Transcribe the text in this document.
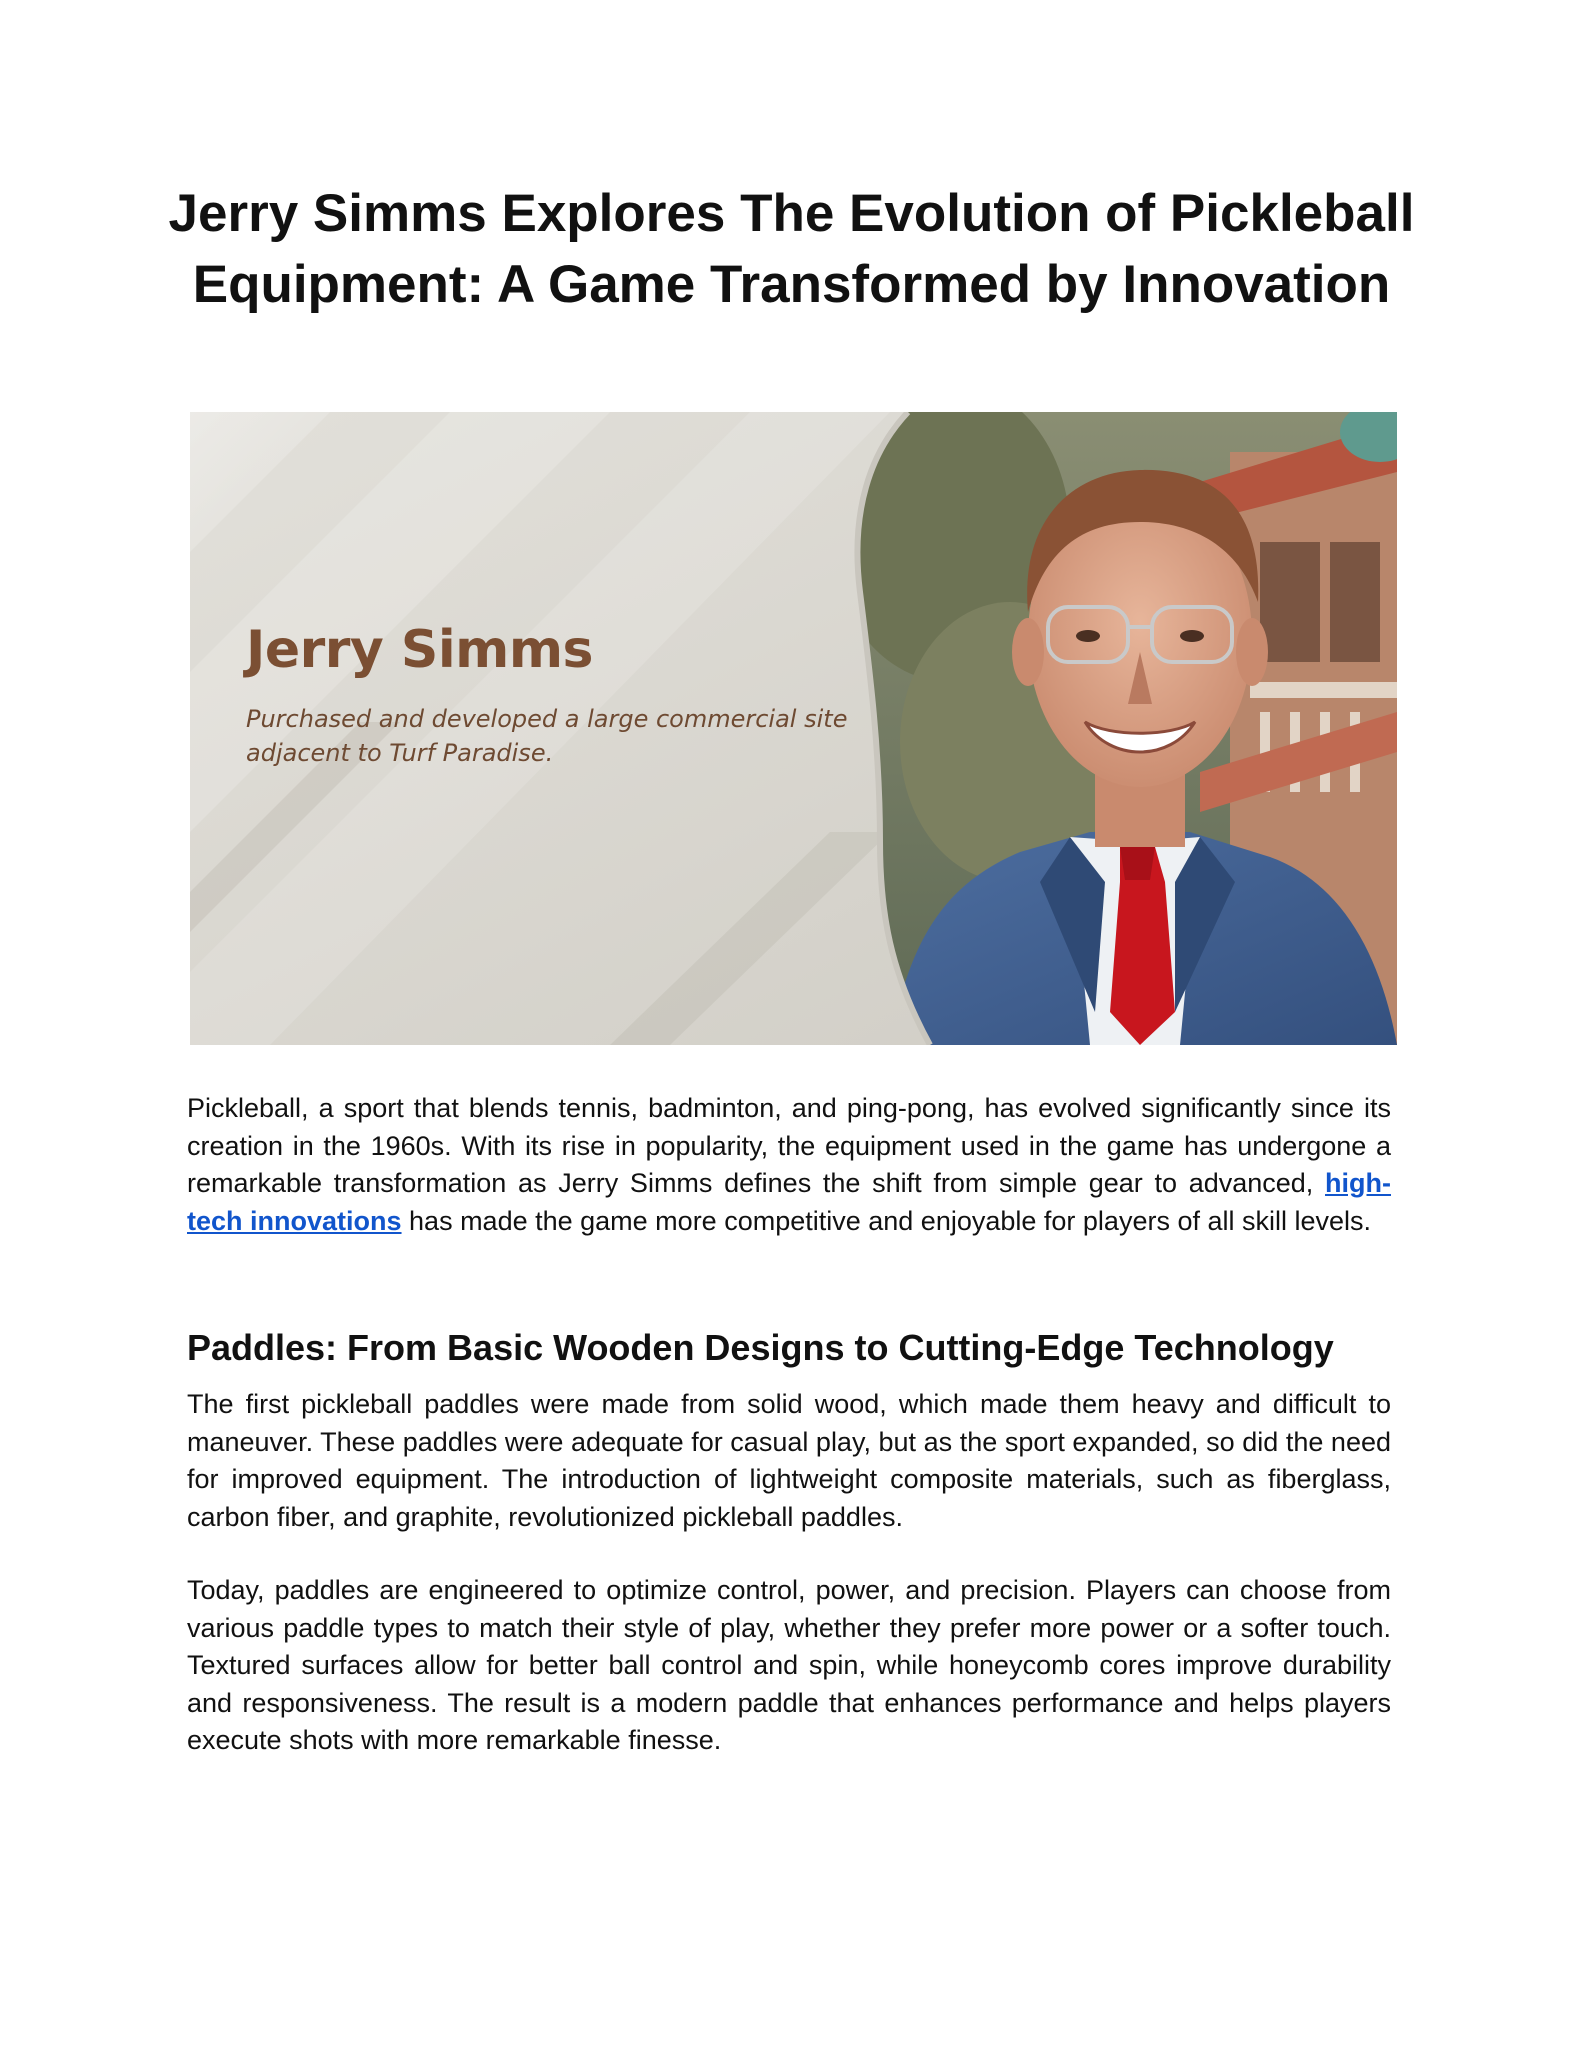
Jerry Simms Explores The Evolution of Pickleball Equipment: A Game Transformed by Innovation
Jerry Simms
Purchased and developed a large commercial site adjacent to Turf Paradise.

Pickleball, a sport that blends tennis, badminton, and ping-pong, has evolved significantly since its creation in the 1960s. With its rise in popularity, the equipment used in the game has undergone a remarkable transformation as Jerry Simms defines the shift from simple gear to advanced, high-tech innovations has made the game more competitive and enjoyable for players of all skill levels.

Paddles: From Basic Wooden Designs to Cutting-Edge Technology

The first pickleball paddles were made from solid wood, which made them heavy and difficult to maneuver. These paddles were adequate for casual play, but as the sport expanded, so did the need for improved equipment. The introduction of lightweight composite materials, such as fiberglass, carbon fiber, and graphite, revolutionized pickleball paddles.

Today, paddles are engineered to optimize control, power, and precision. Players can choose from various paddle types to match their style of play, whether they prefer more power or a softer touch. Textured surfaces allow for better ball control and spin, while honeycomb cores improve durability and responsiveness. The result is a modern paddle that enhances performance and helps players execute shots with more remarkable finesse.
